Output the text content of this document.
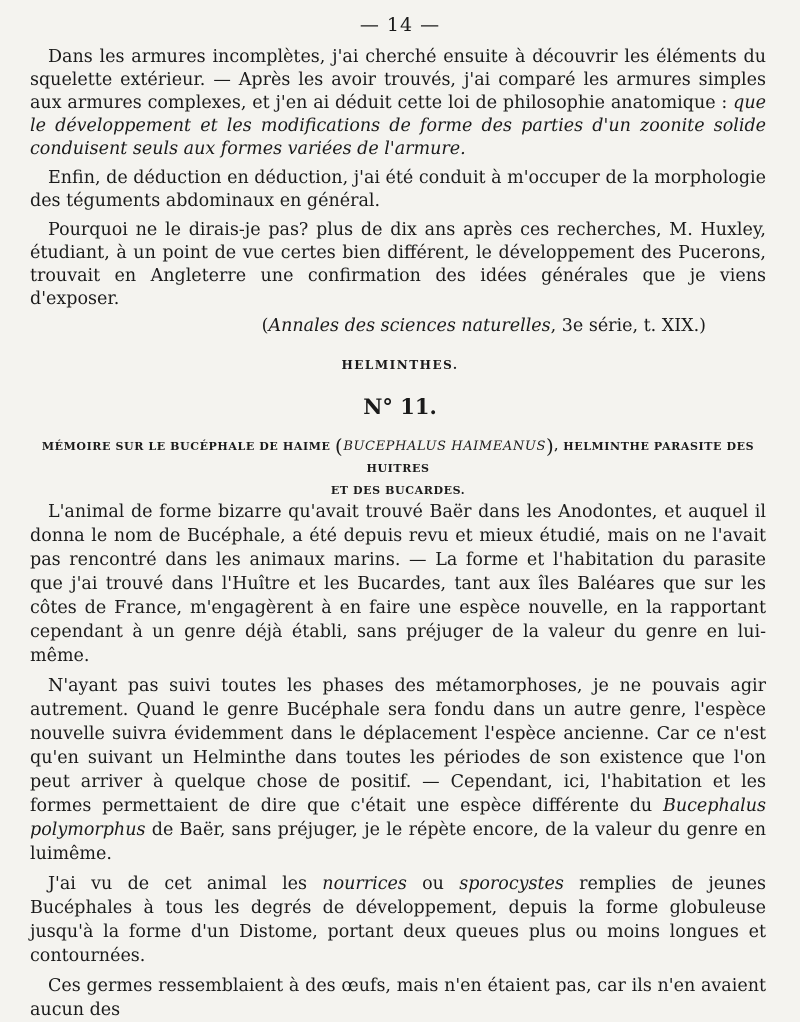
— 14 —

Dans les armures incomplètes, j'ai cherché ensuite à découvrir les éléments du squelette extérieur. — Après les avoir trouvés, j'ai comparé les armures simples aux armures complexes, et j'en ai déduit cette loi de philosophie anatomique : que le développement et les modifications de forme des parties d'un zoonite solide conduisent seuls aux formes variées de l'armure.

Enfin, de déduction en déduction, j'ai été conduit à m'occuper de la morphologie des téguments abdominaux en général.

Pourquoi ne le dirais-je pas? plus de dix ans après ces recherches, M. Huxley, étudiant, à un point de vue certes bien différent, le développement des Pucerons, trouvait en Angleterre une confirmation des idées générales que je viens d'exposer.

(Annales des sciences naturelles, 3e série, t. XIX.)
HELMINTHES.
N° 11.
MÉMOIRE SUR LE BUCÉPHALE DE HAIME (BUCEPHALUS HAIMEANUS), HELMINTHE PARASITE DES HUITRES
ET DES BUCARDES.

L'animal de forme bizarre qu'avait trouvé Baër dans les Anodontes, et auquel il donna le nom de Bucéphale, a été depuis revu et mieux étudié, mais on ne l'avait pas rencontré dans les animaux marins. — La forme et l'habitation du parasite que j'ai trouvé dans l'Huître et les Bucardes, tant aux îles Baléares que sur les côtes de France, m'engagèrent à en faire une espèce nouvelle, en la rapportant cependant à un genre déjà établi, sans préjuger de la valeur du genre en lui-même.

N'ayant pas suivi toutes les phases des métamorphoses, je ne pouvais agir autrement. Quand le genre Bucéphale sera fondu dans un autre genre, l'espèce nouvelle suivra évidemment dans le déplacement l'espèce ancienne. Car ce n'est qu'en suivant un Helminthe dans toutes les périodes de son existence que l'on peut arriver à quelque chose de positif. — Cependant, ici, l'habitation et les formes permettaient de dire que c'était une espèce différente du Bucephalus polymorphus de Baër, sans préjuger, je le répète encore, de la valeur du genre en luimême.

J'ai vu de cet animal les nourrices ou sporocystes remplies de jeunes Bucéphales à tous les degrés de développement, depuis la forme globuleuse jusqu'à la forme d'un Distome, portant deux queues plus ou moins longues et contournées.

Ces germes ressemblaient à des œufs, mais n'en étaient pas, car ils n'en avaient aucun des
